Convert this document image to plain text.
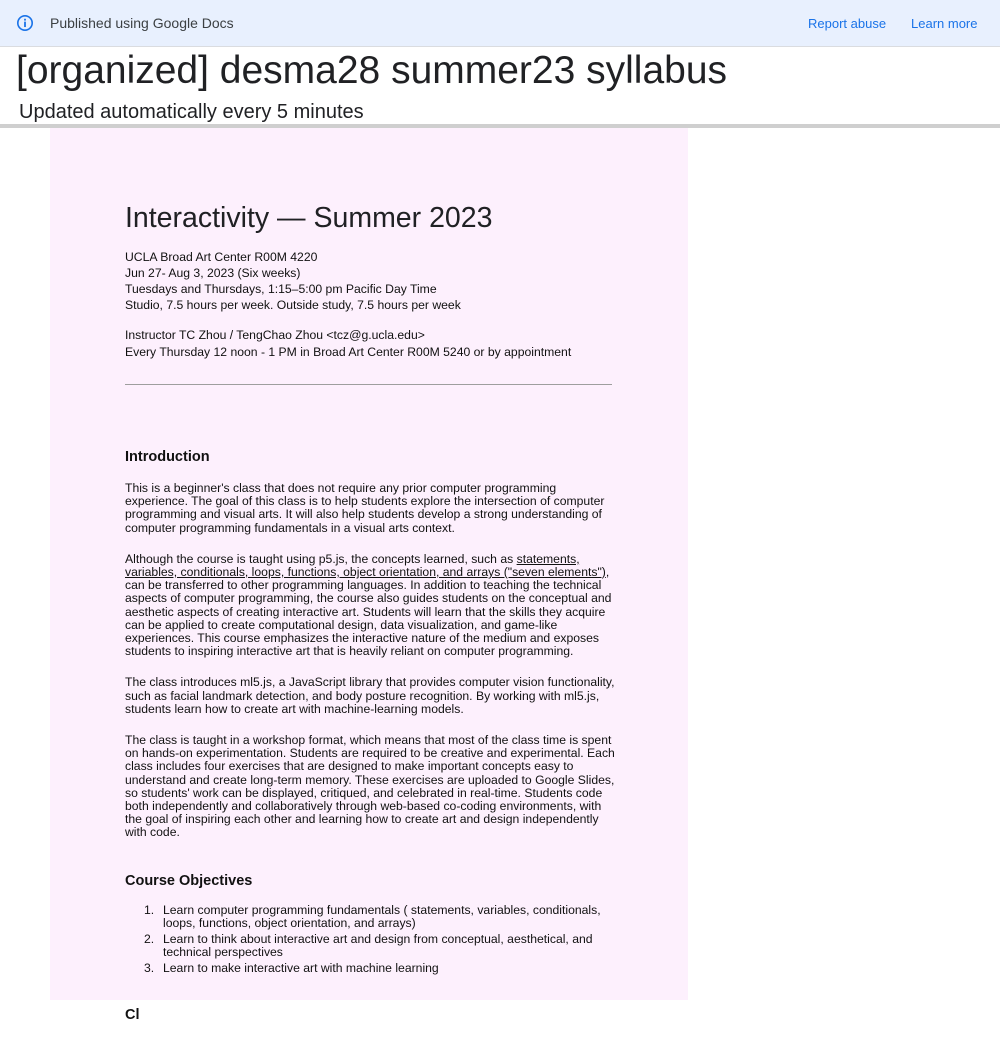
Published using Google Docs	Report abuse Learn more
[organized] desma28 summer23 syllabus
Updated automatically every 5 minutes
Interactivity — Summer 2023

UCLA Broad Art Center R00M 4220

Jun 27- Aug 3, 2023 (Six weeks)

Tuesdays and Thursdays, 1:15–5:00 pm Pacific Day Time

Studio, 7.5 hours per week. Outside study, 7.5 hours per week

Instructor TC Zhou / TengChao Zhou <tcz@g.ucla.edu>

Every Thursday 12 noon - 1 PM in Broad Art Center R00M 5240 or by appointment

Introduction

This is a beginner's class that does not require any prior computer programming experience. The goal of this class is to help students explore the intersection of computer programming and visual arts. It will also help students develop a strong understanding of computer programming fundamentals in a visual arts context.

Although the course is taught using p5.js, the concepts learned, such as statements, variables, conditionals, loops, functions, object orientation, and arrays ("seven elements"), can be transferred to other programming languages. In addition to teaching the technical aspects of computer programming, the course also guides students on the conceptual and aesthetic aspects of creating interactive art. Students will learn that the skills they acquire can be applied to create computational design, data visualization, and game-like experiences. This course emphasizes the interactive nature of the medium and exposes students to inspiring interactive art that is heavily reliant on computer programming.

The class introduces ml5.js, a JavaScript library that provides computer vision functionality, such as facial landmark detection, and body posture recognition. By working with ml5.js, students learn how to create art with machine-learning models.

The class is taught in a workshop format, which means that most of the class time is spent on hands-on experimentation. Students are required to be creative and experimental. Each class includes four exercises that are designed to make important concepts easy to understand and create long-term memory. These exercises are uploaded to Google Slides, so students' work can be displayed, critiqued, and celebrated in real-time. Students code both independently and collaboratively through web-based co-coding environments, with the goal of inspiring each other and learning how to create art and design independently with code.

Course Objectives
1. Learn computer programming fundamentals ( statements, variables, conditionals, loops, functions, object orientation, and arrays)
2. Learn to think about interactive art and design from conceptual, aesthetical, and technical perspectives
3. Learn to make interactive art with machine learning
Cl
